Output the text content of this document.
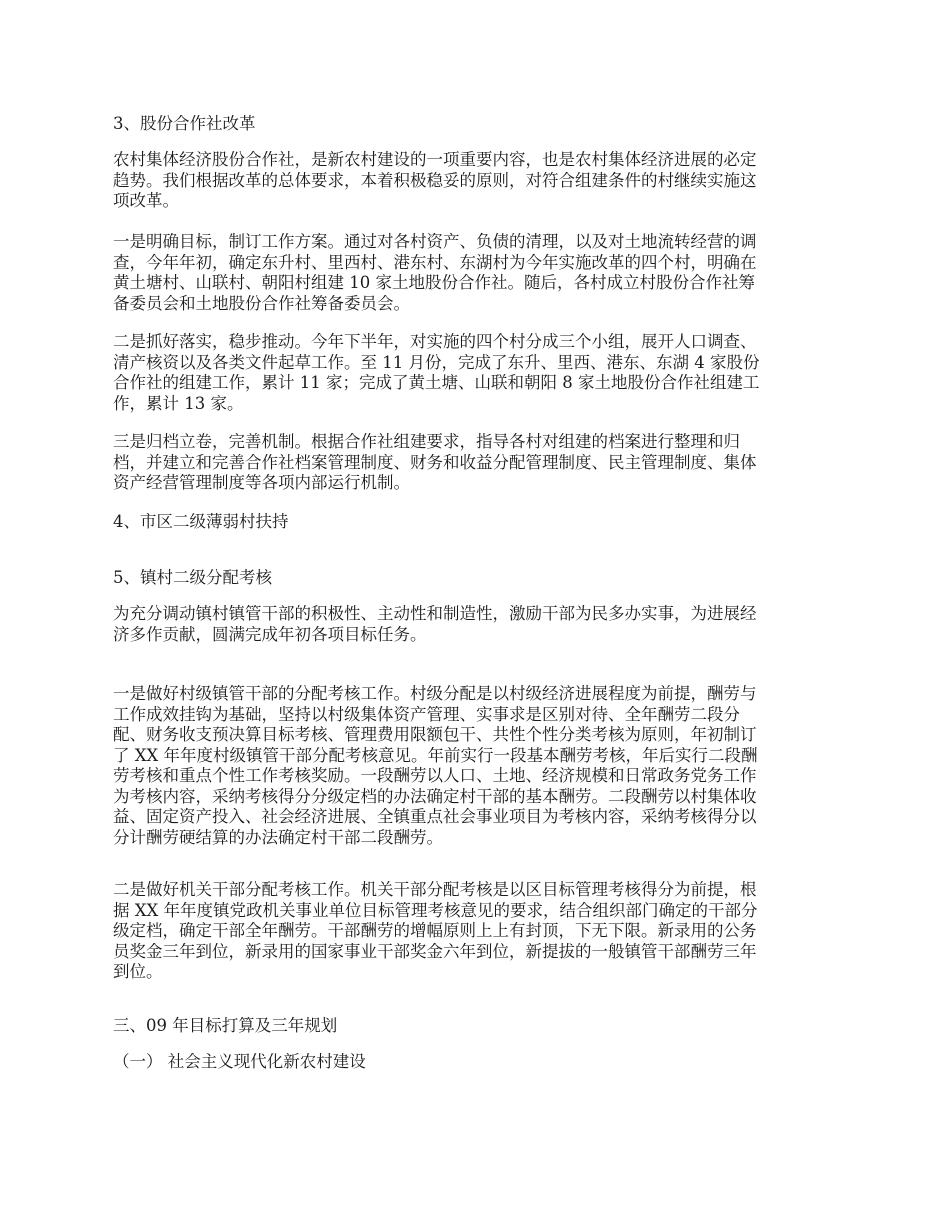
3、股份合作社改革

农村集体经济股份合作社，是新农村建设的一项重要内容，也是农村集体经济进展的必定

趋势。我们根据改革的总体要求，本着积极稳妥的原则，对符合组建条件的村继续实施这

项改革。

一是明确目标，制订工作方案。通过对各村资产、负债的清理，以及对土地流转经营的调

查，今年年初，确定东升村、里西村、港东村、东湖村为今年实施改革的四个村，明确在

黄土塘村、山联村、朝阳村组建 10 家土地股份合作社。随后，各村成立村股份合作社筹

备委员会和土地股份合作社筹备委员会。

二是抓好落实，稳步推动。今年下半年，对实施的四个村分成三个小组，展开人口调查、

清产核资以及各类文件起草工作。至 11 月份，完成了东升、里西、港东、东湖 4 家股份

合作社的组建工作，累计 11 家；完成了黄土塘、山联和朝阳 8 家土地股份合作社组建工

作，累计 13 家。

三是归档立卷，完善机制。根据合作社组建要求，指导各村对组建的档案进行整理和归

档，并建立和完善合作社档案管理制度、财务和收益分配管理制度、民主管理制度、集体

资产经营管理制度等各项内部运行机制。

4、市区二级薄弱村扶持

5、镇村二级分配考核

为充分调动镇村镇管干部的积极性、主动性和制造性，激励干部为民多办实事，为进展经

济多作贡献，圆满完成年初各项目标任务。

一是做好村级镇管干部的分配考核工作。村级分配是以村级经济进展程度为前提，酬劳与

工作成效挂钩为基础，坚持以村级集体资产管理、实事求是区别对待、全年酬劳二段分

配、财务收支预决算目标考核、管理费用限额包干、共性个性分类考核为原则，年初制订

了 XX 年年度村级镇管干部分配考核意见。年前实行一段基本酬劳考核，年后实行二段酬

劳考核和重点个性工作考核奖励。一段酬劳以人口、土地、经济规模和日常政务党务工作

为考核内容，采纳考核得分分级定档的办法确定村干部的基本酬劳。二段酬劳以村集体收

益、固定资产投入、社会经济进展、全镇重点社会事业项目为考核内容，采纳考核得分以

分计酬劳硬结算的办法确定村干部二段酬劳。

二是做好机关干部分配考核工作。机关干部分配考核是以区目标管理考核得分为前提，根

据 XX 年年度镇党政机关事业单位目标管理考核意见的要求，结合组织部门确定的干部分

级定档，确定干部全年酬劳。干部酬劳的增幅原则上上有封顶，下无下限。新录用的公务

员奖金三年到位，新录用的国家事业干部奖金六年到位，新提拔的一般镇管干部酬劳三年

到位。

三、09 年目标打算及三年规划

（一） 社会主义现代化新农村建设
